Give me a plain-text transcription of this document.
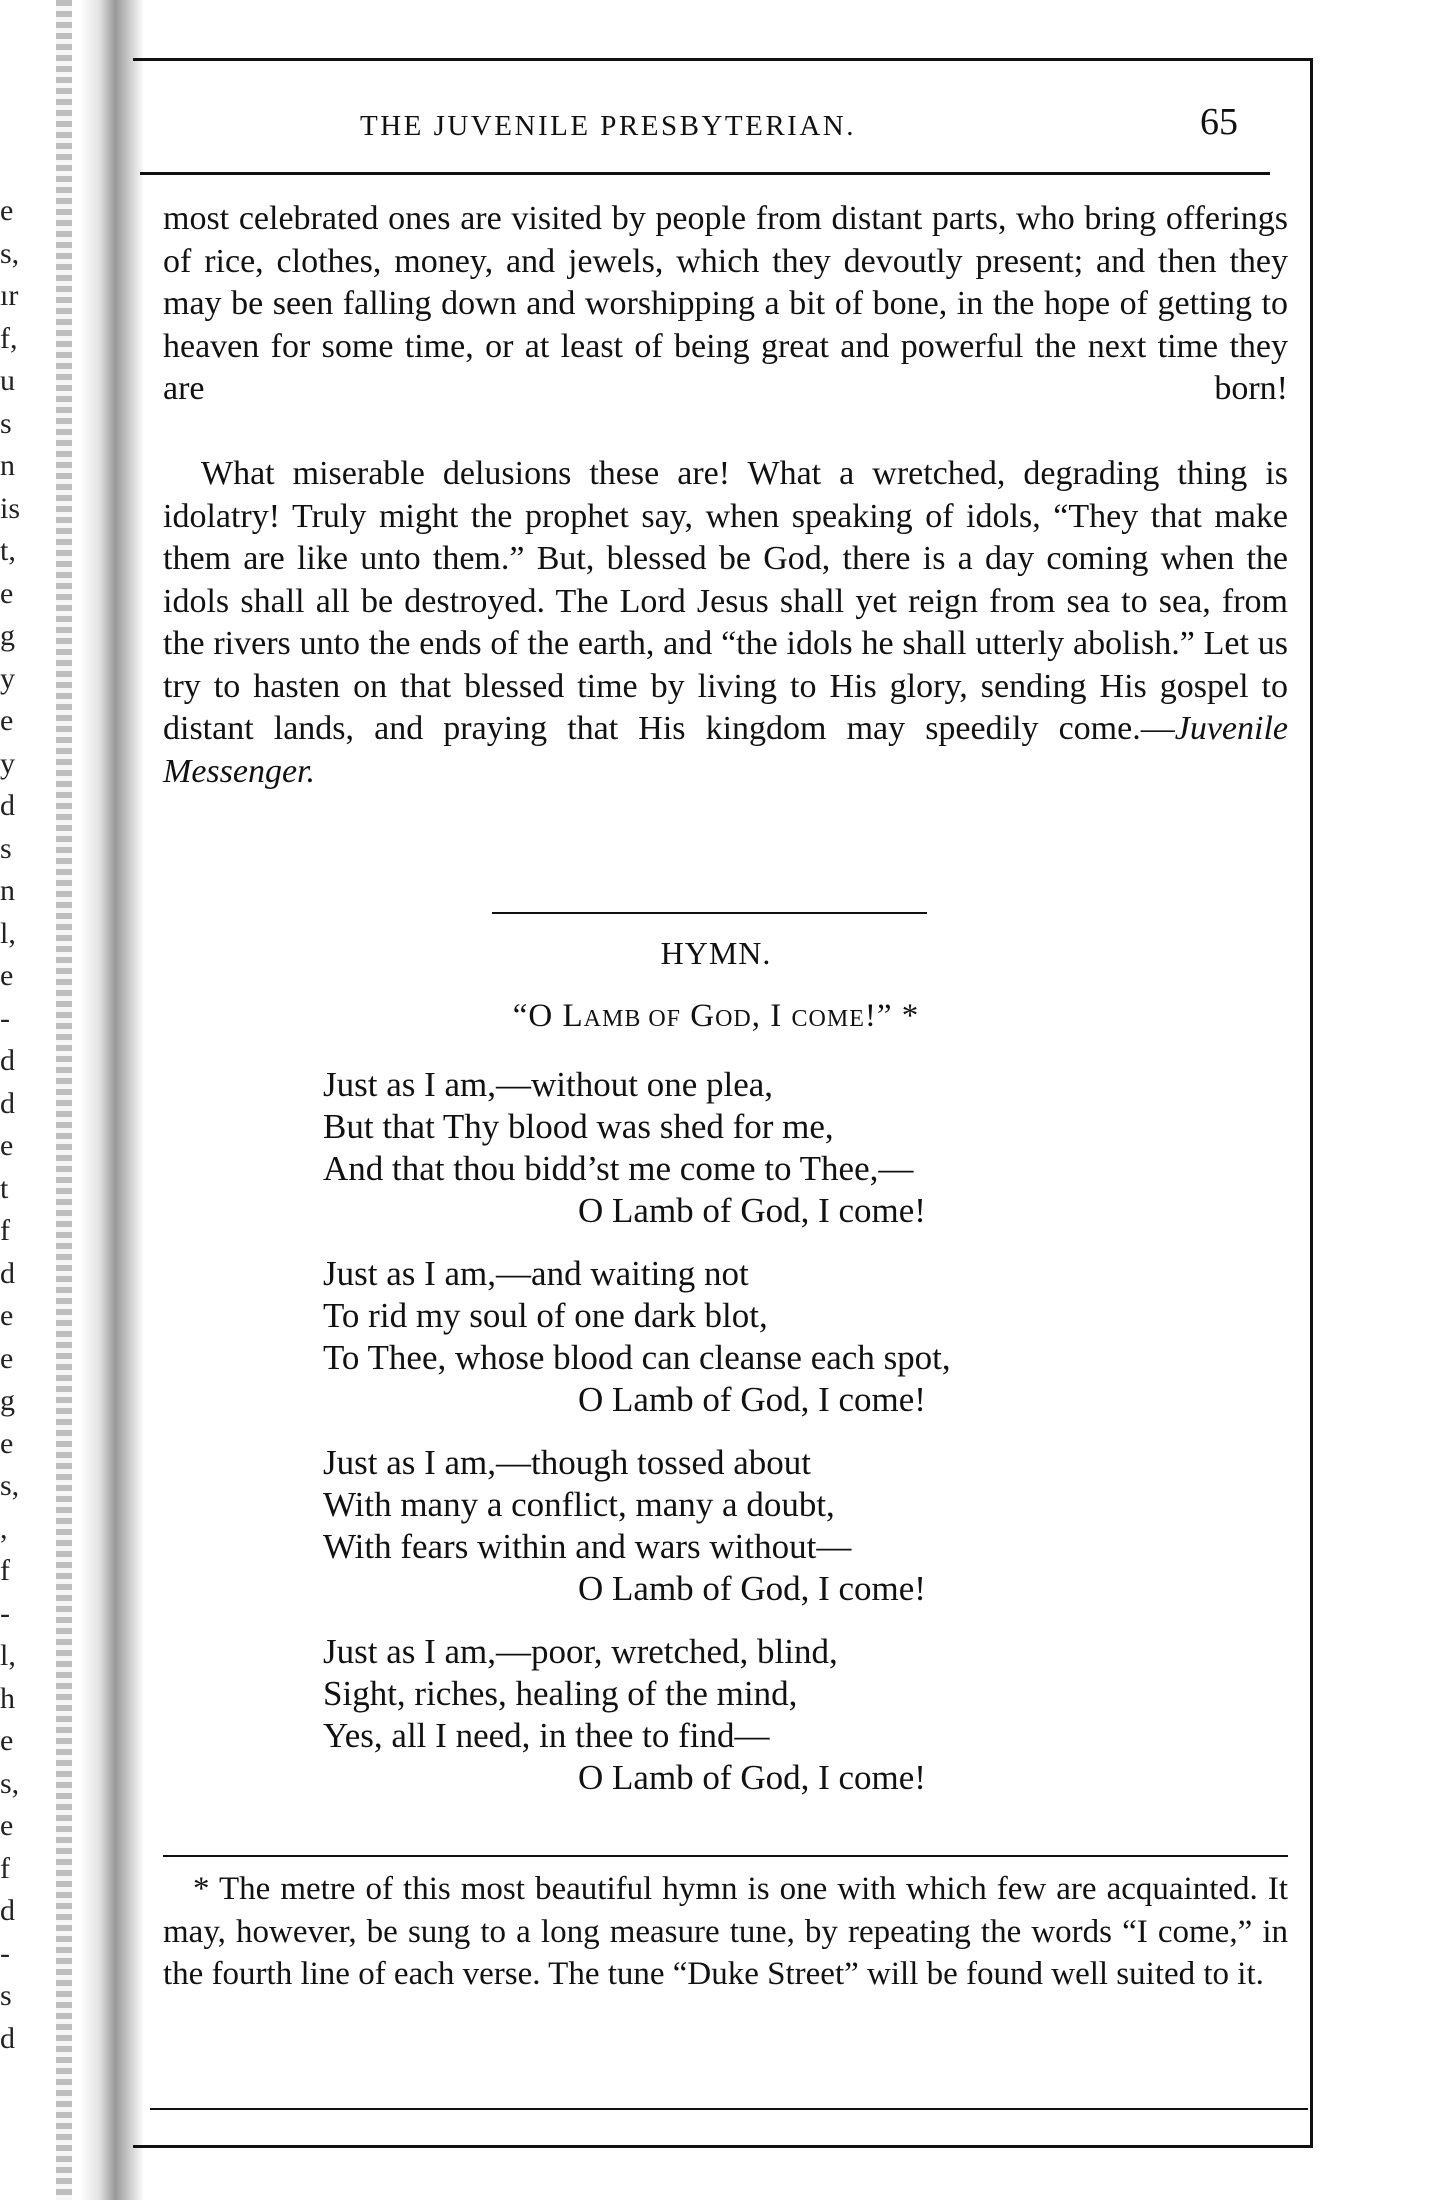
e
s,
ır
f,
u
s
n
is
t,
e
g
y
e
y
d
s
n
l,
e
-
d
d
e
t
f
d
e
e
g
e
s,
,
f
-
l,
h
e
s,
e
f
d
-
s
d
THE JUVENILE PRESBYTERIAN.	65

most celebrated ones are visited by people from distant parts, who bring offerings of rice, clothes, money, and jewels, which they devoutly present; and then they may be seen falling down and worshipping a bit of bone, in the hope of getting to heaven for some time, or at least of being great and powerful the next time they are born!

What miserable delusions these are! What a wretched, degrading thing is idolatry! Truly might the prophet say, when speaking of idols, “They that make them are like unto them.” But, blessed be God, there is a day coming when the idols shall all be destroyed. The Lord Jesus shall yet reign from sea to sea, from the rivers unto the ends of the earth, and “the idols he shall utterly abolish.” Let us try to hasten on that blessed time by living to His glory, sending His gospel to distant lands, and praying that His kingdom may speedily come.—Juvenile Messenger.

HYMN.
“O LAMB OF GOD, I COME!” *
Just as I am,—without one plea,
But that Thy blood was shed for me,
And that thou bidd’st me come to Thee,—
O Lamb of God, I come!
Just as I am,—and waiting not
To rid my soul of one dark blot,
To Thee, whose blood can cleanse each spot,
O Lamb of God, I come!
Just as I am,—though tossed about
With many a conflict, many a doubt,
With fears within and wars without—
O Lamb of God, I come!
Just as I am,—poor, wretched, blind,
Sight, riches, healing of the mind,
Yes, all I need, in thee to find—
O Lamb of God, I come!

* The metre of this most beautiful hymn is one with which few are acquainted. It may, however, be sung to a long measure tune, by repeating the words “I come,” in the fourth line of each verse. The tune “Duke Street” will be found well suited to it.
